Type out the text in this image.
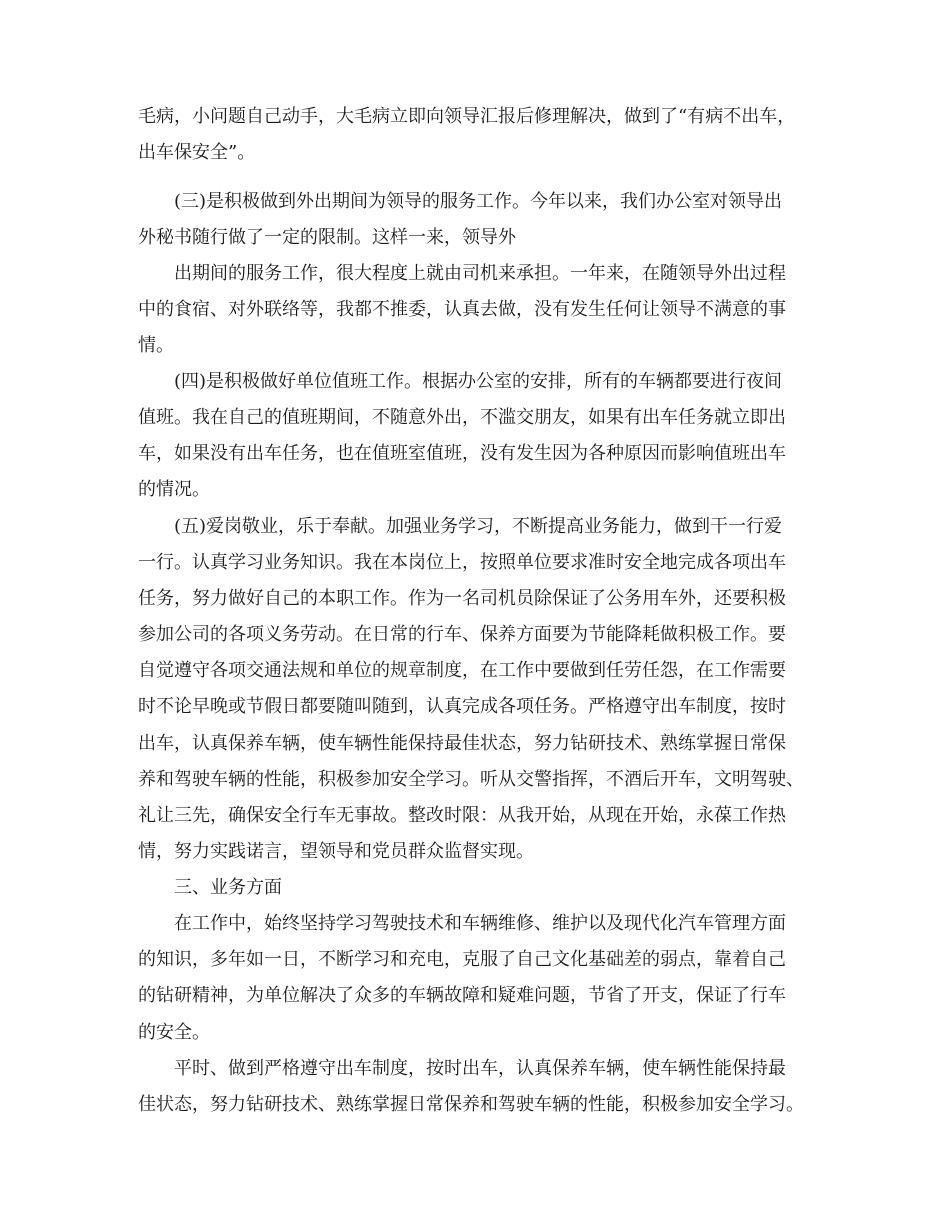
毛病，小问题自己动手，大毛病立即向领导汇报后修理解决，做到了“有病不出车，
出车保安全”。
(三)是积极做到外出期间为领导的服务工作。今年以来，我们办公室对领导出
外秘书随行做了一定的限制。这样一来，领导外
出期间的服务工作，很大程度上就由司机来承担。一年来，在随领导外出过程
中的食宿、对外联络等，我都不推委，认真去做，没有发生任何让领导不满意的事
情。
(四)是积极做好单位值班工作。根据办公室的安排，所有的车辆都要进行夜间
值班。我在自己的值班期间，不随意外出，不滥交朋友，如果有出车任务就立即出
车，如果没有出车任务，也在值班室值班，没有发生因为各种原因而影响值班出车
的情况。
(五)爱岗敬业，乐于奉献。加强业务学习，不断提高业务能力，做到干一行爱
一行。认真学习业务知识。我在本岗位上，按照单位要求准时安全地完成各项出车
任务，努力做好自己的本职工作。作为一名司机员除保证了公务用车外，还要积极
参加公司的各项义务劳动。在日常的行车、保养方面要为节能降耗做积极工作。要
自觉遵守各项交通法规和单位的规章制度，在工作中要做到任劳任怨，在工作需要
时不论早晚或节假日都要随叫随到，认真完成各项任务。严格遵守出车制度，按时
出车，认真保养车辆，使车辆性能保持最佳状态，努力钻研技术、熟练掌握日常保
养和驾驶车辆的性能，积极参加安全学习。听从交警指挥，不酒后开车，文明驾驶、
礼让三先，确保安全行车无事故。整改时限：从我开始，从现在开始，永葆工作热
情，努力实践诺言，望领导和党员群众监督实现。
三、业务方面
在工作中，始终坚持学习驾驶技术和车辆维修、维护以及现代化汽车管理方面
的知识，多年如一日，不断学习和充电，克服了自己文化基础差的弱点，靠着自己
的钻研精神，为单位解决了众多的车辆故障和疑难问题，节省了开支，保证了行车
的安全。
平时、做到严格遵守出车制度，按时出车，认真保养车辆，使车辆性能保持最
佳状态，努力钻研技术、熟练掌握日常保养和驾驶车辆的性能，积极参加安全学习。
